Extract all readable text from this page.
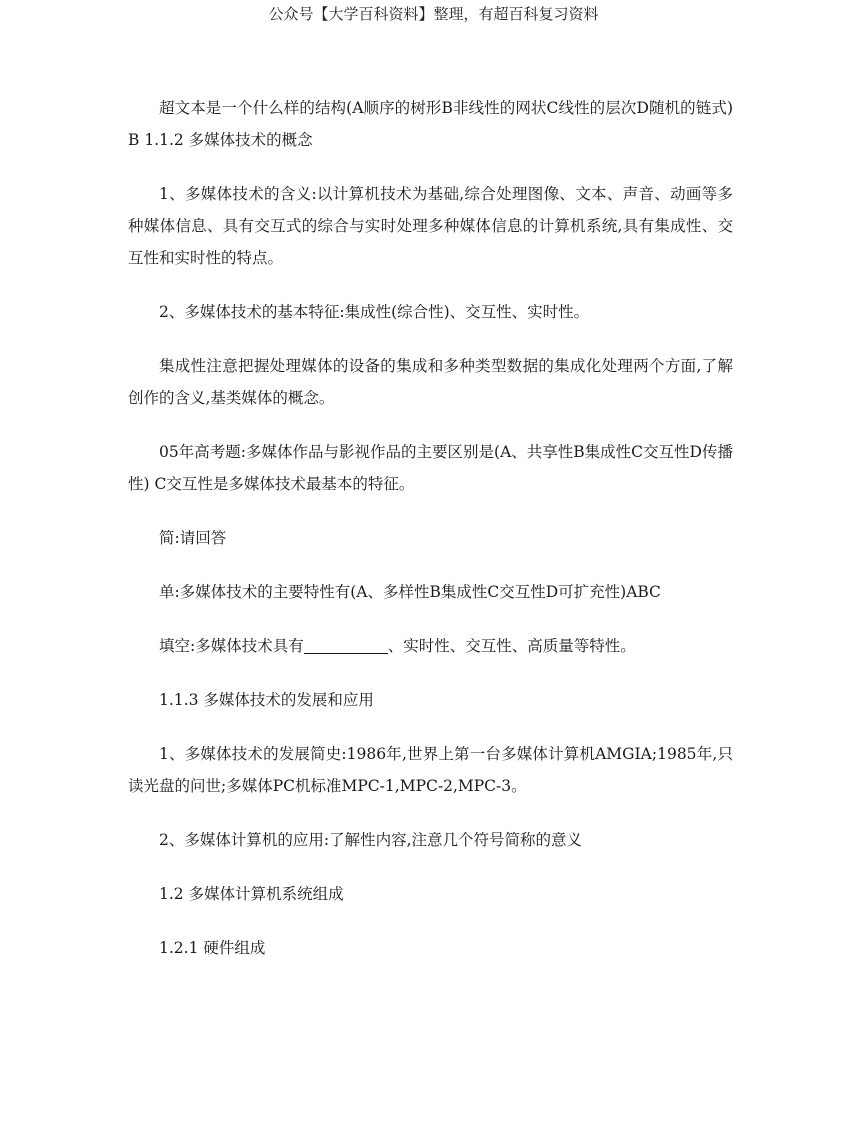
公众号【大学百科资料】整理，有超百科复习资料

超文本是一个什么样的结构(A顺序的树形B非线性的网状C线性的层次D随机的链式)B 1.1.2 多媒体技术的概念

1、多媒体技术的含义:以计算机技术为基础,综合处理图像、文本、声音、动画等多种媒体信息、具有交互式的综合与实时处理多种媒体信息的计算机系统,具有集成性、交互性和实时性的特点。

2、多媒体技术的基本特征:集成性(综合性)、交互性、实时性。

集成性注意把握处理媒体的设备的集成和多种类型数据的集成化处理两个方面,了解创作的含义,基类媒体的概念。

05年高考题:多媒体作品与影视作品的主要区别是(A、共享性B集成性C交互性D传播性) C交互性是多媒体技术最基本的特征。

简:请回答

单:多媒体技术的主要特性有(A、多样性B集成性C交互性D可扩充性)ABC

填空:多媒体技术具有	、实时性、交互性、高质量等特性。

1.1.3 多媒体技术的发展和应用

1、多媒体技术的发展简史:1986年,世界上第一台多媒体计算机AMGIA;1985年,只读光盘的问世;多媒体PC机标准MPC-1,MPC-2,MPC-3。

2、多媒体计算机的应用:了解性内容,注意几个符号简称的意义

1.2 多媒体计算机系统组成

1.2.1 硬件组成
